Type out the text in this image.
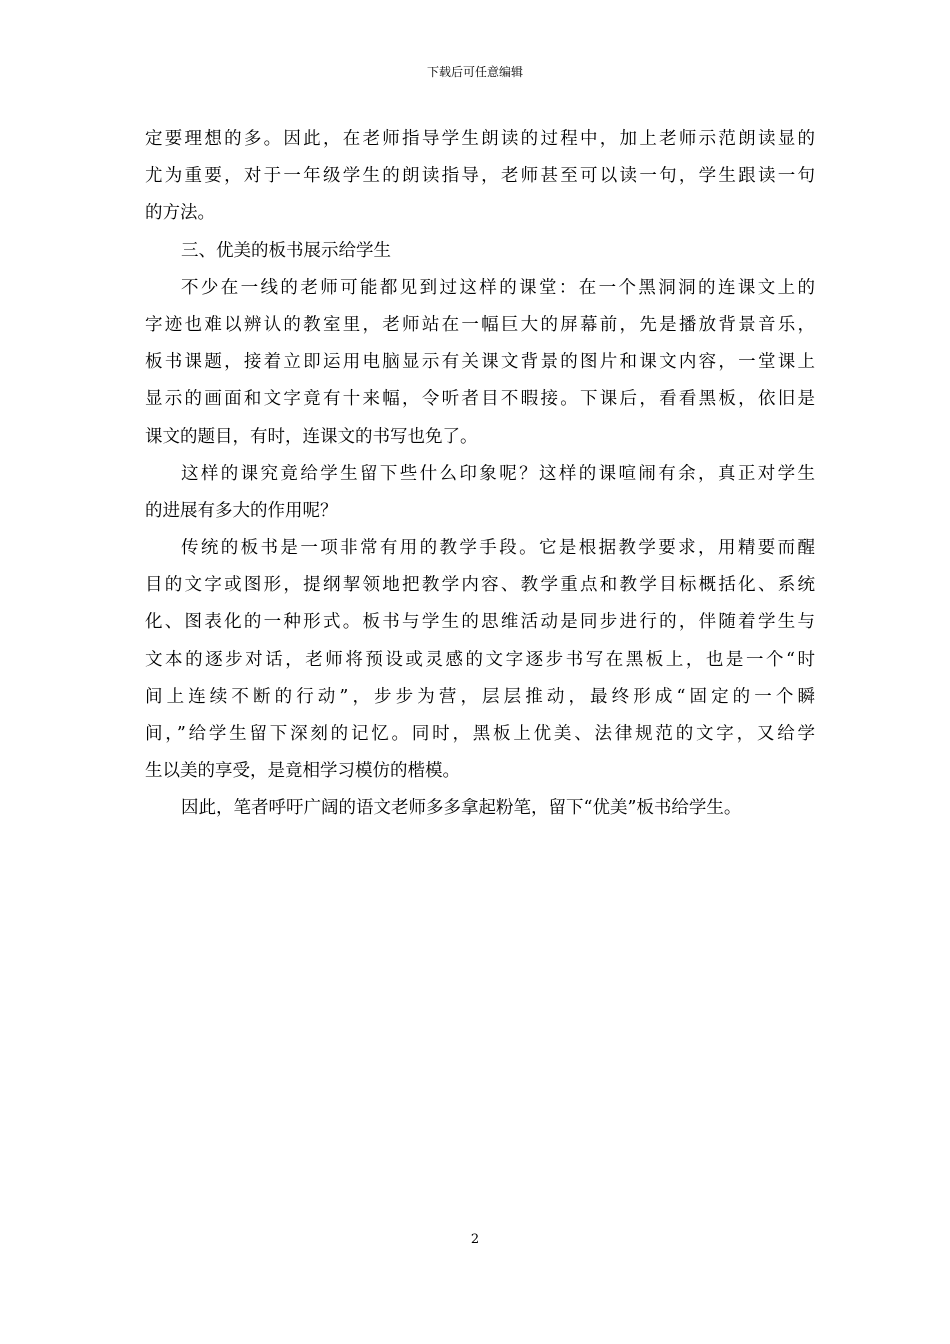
下载后可任意编辑
定要理想的多。因此，在老师指导学生朗读的过程中，加上老师示范朗读显的
尤为重要，对于一年级学生的朗读指导，老师甚至可以读一句，学生跟读一句
的方法。
三、优美的板书展示给学生
不少在一线的老师可能都见到过这样的课堂：在一个黑洞洞的连课文上的
字迹也难以辨认的教室里，老师站在一幅巨大的屏幕前，先是播放背景音乐，
板书课题，接着立即运用电脑显示有关课文背景的图片和课文内容，一堂课上
显示的画面和文字竟有十来幅，令听者目不暇接。下课后，看看黑板，依旧是
课文的题目，有时，连课文的书写也免了。
这样的课究竟给学生留下些什么印象呢？这样的课喧闹有余，真正对学生
的进展有多大的作用呢？
传统的板书是一项非常有用的教学手段。它是根据教学要求，用精要而醒
目的文字或图形，提纲挈领地把教学内容、教学重点和教学目标概括化、系统
化、图表化的一种形式。板书与学生的思维活动是同步进行的，伴随着学生与
文本的逐步对话，老师将预设或灵感的文字逐步书写在黑板上，也是一个“时
间上连续不断的行动”，步步为营，层层推动，最终形成“固定的一个瞬
间，”给学生留下深刻的记忆。同时，黑板上优美、法律规范的文字，又给学
生以美的享受，是竟相学习模仿的楷模。
因此，笔者呼吁广阔的语文老师多多拿起粉笔，留下“优美”板书给学生。
2
